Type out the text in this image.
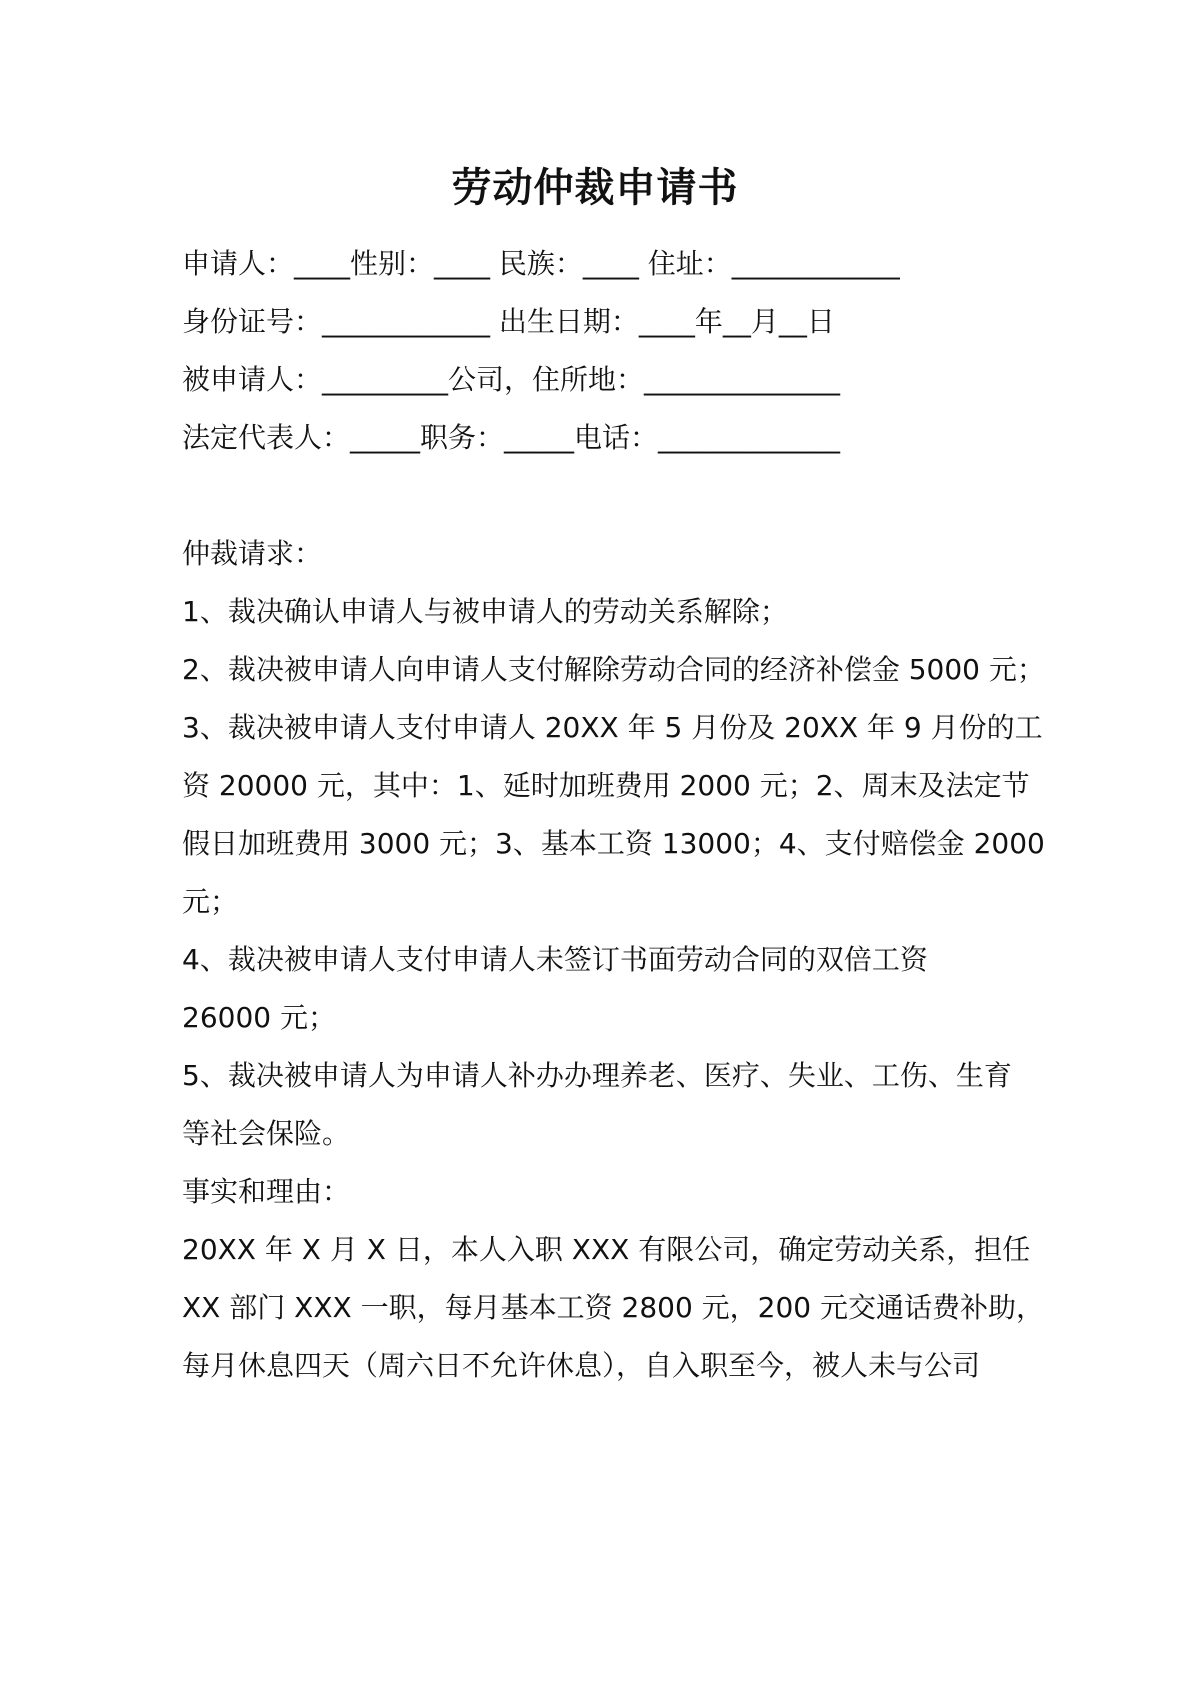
劳动仲裁申请书
申请人：____性别：____ 民族：____ 住址：____________
身份证号：____________ 出生日期：____年__月__日
被申请人：_________公司，住所地：______________
法定代表人：_____职务：_____电话：_____________
仲裁请求：
1、裁决确认申请人与被申请人的劳动关系解除；
2、裁决被申请人向申请人支付解除劳动合同的经济补偿金 5000 元；
3、裁决被申请人支付申请人 20XX 年 5 月份及 20XX 年 9 月份的工
资 20000 元，其中：1、延时加班费用 2000 元；2、周末及法定节
假日加班费用 3000 元；3、基本工资 13000；4、支付赔偿金 2000
元；
4、裁决被申请人支付申请人未签订书面劳动合同的双倍工资
26000 元；
5、裁决被申请人为申请人补办办理养老、医疗、失业、工伤、生育
等社会保险。
事实和理由：
20XX 年 X 月 X 日，本人入职 XXX 有限公司，确定劳动关系，担任
XX 部门 XXX 一职，每月基本工资 2800 元，200 元交通话费补助，
每月休息四天（周六日不允许休息），自入职至今，被人未与公司
